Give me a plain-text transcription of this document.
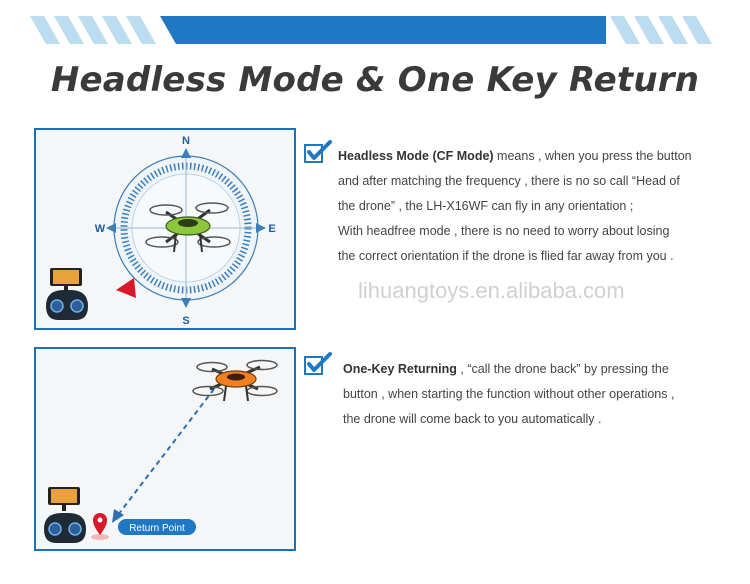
Headless Mode & One Key Return
N
E
S
W
Return Point
Headless Mode (CF Mode) means , when you press the button
and after matching the frequency , there is no so call “Head of
the drone” , the LH-X16WF can fly in any orientation ;
With headfree mode , there is no need to worry about losing
the correct orientation if the drone is flied far away from you .
lihuangtoys.en.alibaba.com
One-Key Returning , “call the drone back” by pressing the
button , when starting the function without other operations ,
the drone will come back to you automatically .
